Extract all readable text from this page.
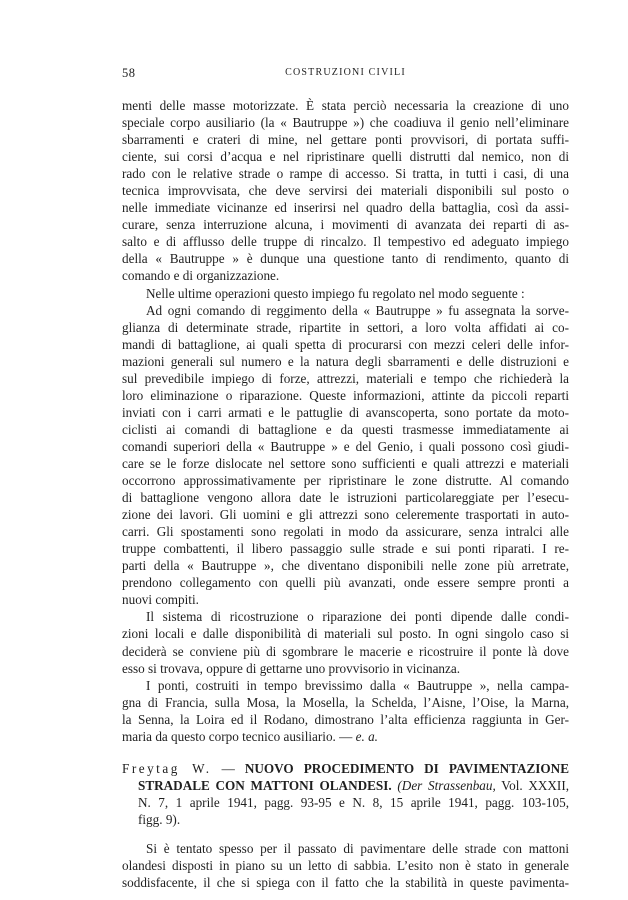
58	COSTRUZIONI CIVILI
menti delle masse motorizzate. È stata perciò necessaria la creazione di uno
speciale corpo ausiliario (la « Bautruppe ») che coadiuva il genio nell’eliminare
sbarramenti e crateri di mine, nel gettare ponti provvisori, di portata suffi-
ciente, sui corsi d’acqua e nel ripristinare quelli distrutti dal nemico, non di
rado con le relative strade o rampe di accesso. Si tratta, in tutti i casi, di una
tecnica improvvisata, che deve servirsi dei materiali disponibili sul posto o
nelle immediate vicinanze ed inserirsi nel quadro della battaglia, così da assi-
curare, senza interruzione alcuna, i movimenti di avanzata dei reparti di as-
salto e di afflusso delle truppe di rincalzo. Il tempestivo ed adeguato impiego
della « Bautruppe » è dunque una questione tanto di rendimento, quanto di
comando e di organizzazione.
Nelle ultime operazioni questo impiego fu regolato nel modo seguente :
Ad ogni comando di reggimento della « Bautruppe » fu assegnata la sorve-
glianza di determinate strade, ripartite in settori, a loro volta affidati ai co-
mandi di battaglione, ai quali spetta di procurarsi con mezzi celeri delle infor-
mazioni generali sul numero e la natura degli sbarramenti e delle distruzioni e
sul prevedibile impiego di forze, attrezzi, materiali e tempo che richiederà la
loro eliminazione o riparazione. Queste informazioni, attinte da piccoli reparti
inviati con i carri armati e le pattuglie di avanscoperta, sono portate da moto-
ciclisti ai comandi di battaglione e da questi trasmesse immediatamente ai
comandi superiori della « Bautruppe » e del Genio, i quali possono così giudi-
care se le forze dislocate nel settore sono sufficienti e quali attrezzi e materiali
occorrono approssimativamente per ripristinare le zone distrutte. Al comando
di battaglione vengono allora date le istruzioni particolareggiate per l’esecu-
zione dei lavori. Gli uomini e gli attrezzi sono celeremente trasportati in auto-
carri. Gli spostamenti sono regolati in modo da assicurare, senza intralci alle
truppe combattenti, il libero passaggio sulle strade e sui ponti riparati. I re-
parti della « Bautruppe », che diventano disponibili nelle zone più arretrate,
prendono collegamento con quelli più avanzati, onde essere sempre pronti a
nuovi compiti.
Il sistema di ricostruzione o riparazione dei ponti dipende dalle condi-
zioni locali e dalle disponibilità di materiali sul posto. In ogni singolo caso si
deciderà se conviene più di sgombrare le macerie e ricostruire il ponte là dove
esso si trovava, oppure di gettarne uno provvisorio in vicinanza.
I ponti, costruiti in tempo brevissimo dalla « Bautruppe », nella campa-
gna di Francia, sulla Mosa, la Mosella, la Schelda, l’Aisne, l’Oise, la Marna,
la Senna, la Loira ed il Rodano, dimostrano l’alta efficienza raggiunta in Ger-
maria da questo corpo tecnico ausiliario. — e. a.
Freytag W. — NUOVO PROCEDIMENTO DI PAVIMENTAZIONE
STRADALE CON MATTONI OLANDESI. (Der Strassenbau, Vol. XXXII,
N. 7, 1 aprile 1941, pagg. 93-95 e N. 8, 15 aprile 1941, pagg. 103-105,
figg. 9).
Si è tentato spesso per il passato di pavimentare delle strade con mattoni
olandesi disposti in piano su un letto di sabbia. L’esito non è stato in generale
soddisfacente, il che si spiega con il fatto che la stabilità in queste pavimenta-
